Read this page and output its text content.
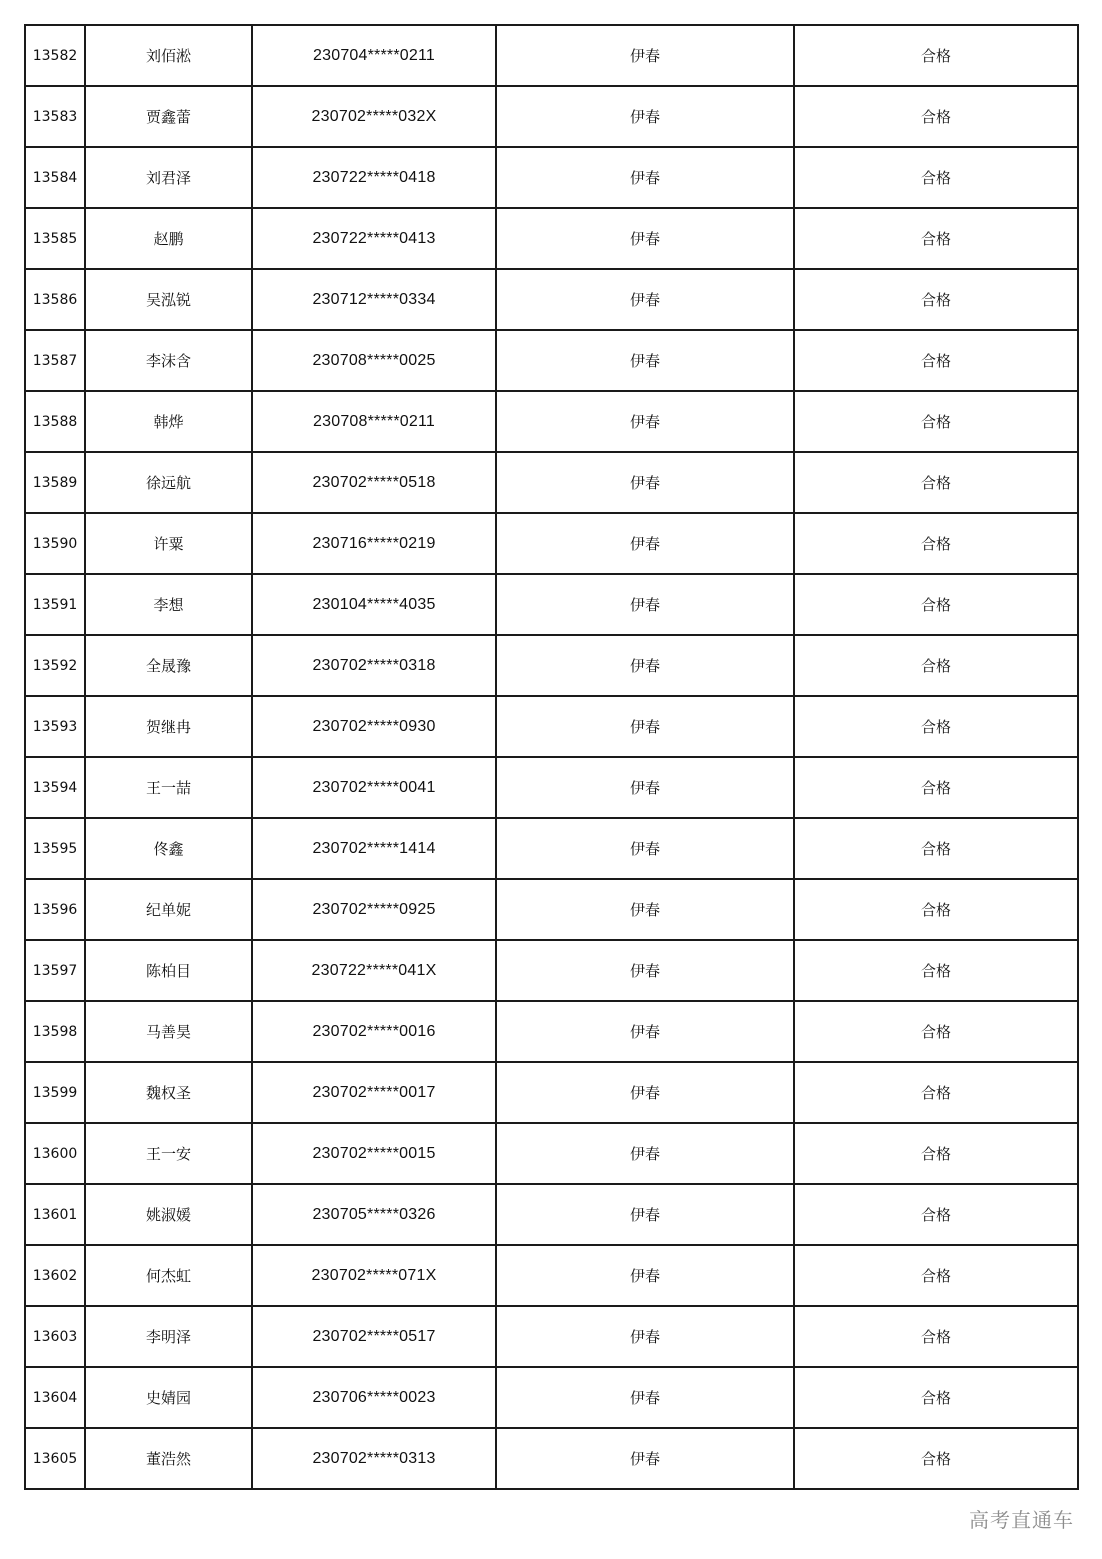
13582	刘佰淞	230704*****0211	伊春	合格
13583	贾鑫蕾	230702*****032X	伊春	合格
13584	刘君泽	230722*****0418	伊春	合格
13585	赵鹏	230722*****0413	伊春	合格
13586	吴泓锐	230712*****0334	伊春	合格
13587	李沫含	230708*****0025	伊春	合格
13588	韩烨	230708*****0211	伊春	合格
13589	徐远航	230702*****0518	伊春	合格
13590	许粟	230716*****0219	伊春	合格
13591	李想	230104*****4035	伊春	合格
13592	全晟豫	230702*****0318	伊春	合格
13593	贺继冉	230702*****0930	伊春	合格
13594	王一喆	230702*****0041	伊春	合格
13595	佟鑫	230702*****1414	伊春	合格
13596	纪单妮	230702*****0925	伊春	合格
13597	陈柏目	230722*****041X	伊春	合格
13598	马善昊	230702*****0016	伊春	合格
13599	魏权圣	230702*****0017	伊春	合格
13600	王一安	230702*****0015	伊春	合格
13601	姚淑媛	230705*****0326	伊春	合格
13602	何杰虹	230702*****071X	伊春	合格
13603	李明泽	230702*****0517	伊春	合格
13604	史婧园	230706*****0023	伊春	合格
13605	董浩然	230702*****0313	伊春	合格
高考直通车
